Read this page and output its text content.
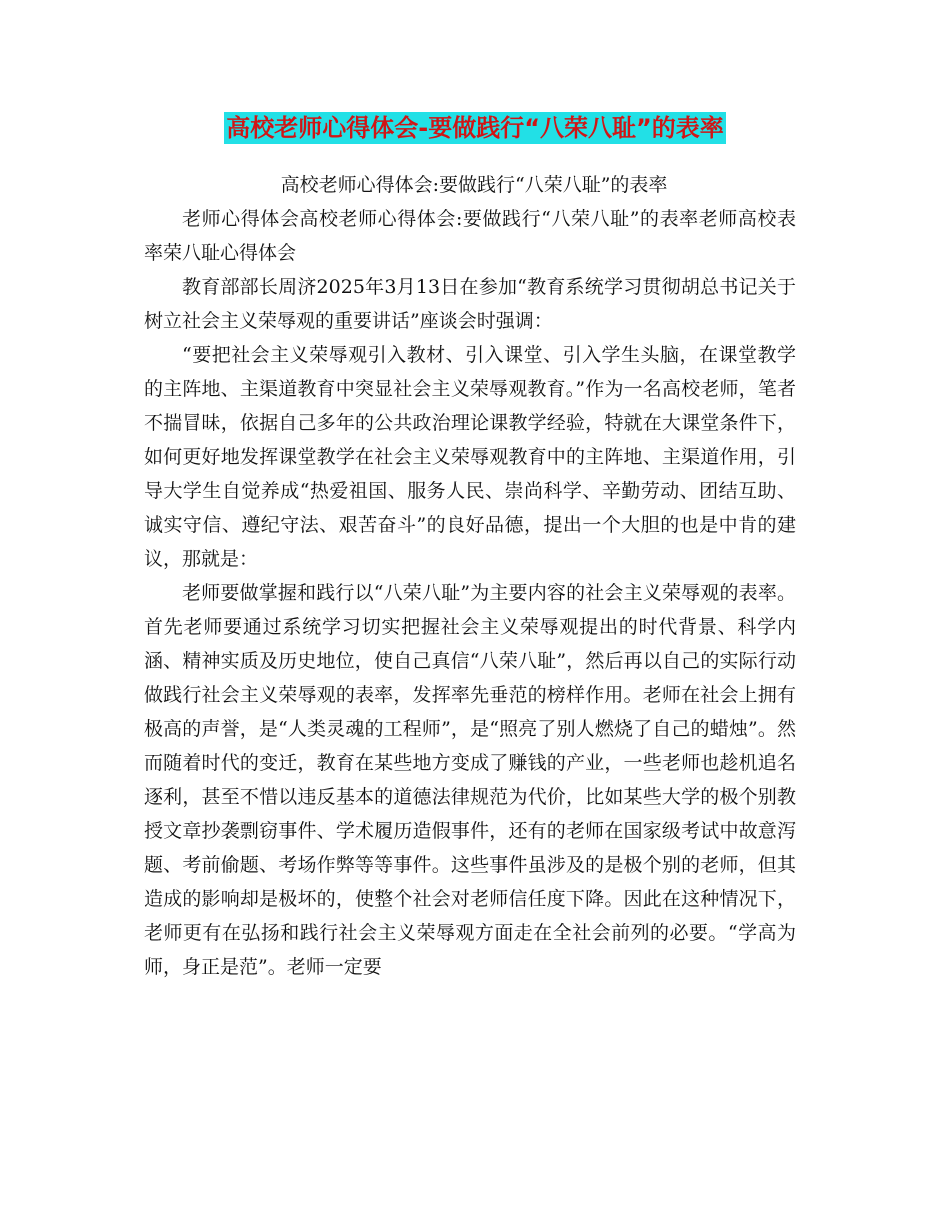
高校老师心得体会-要做践行“八荣八耻”的表率

高校老师心得体会:要做践行“八荣八耻”的表率

老师心得体会高校老师心得体会:要做践行“八荣八耻”的表率老师高校表率荣八耻心得体会

教育部部长周济2025年3月13日在参加“教育系统学习贯彻胡总书记关于树立社会主义荣辱观的重要讲话”座谈会时强调：

“要把社会主义荣辱观引入教材、引入课堂、引入学生头脑，在课堂教学的主阵地、主渠道教育中突显社会主义荣辱观教育。”作为一名高校老师，笔者不揣冒昧，依据自己多年的公共政治理论课教学经验，特就在大课堂条件下，如何更好地发挥课堂教学在社会主义荣辱观教育中的主阵地、主渠道作用，引导大学生自觉养成“热爱祖国、服务人民、崇尚科学、辛勤劳动、团结互助、诚实守信、遵纪守法、艰苦奋斗”的良好品德，提出一个大胆的也是中肯的建议，那就是：

老师要做掌握和践行以“八荣八耻”为主要内容的社会主义荣辱观的表率。首先老师要通过系统学习切实把握社会主义荣辱观提出的时代背景、科学内涵、精神实质及历史地位，使自己真信“八荣八耻”，然后再以自己的实际行动做践行社会主义荣辱观的表率，发挥率先垂范的榜样作用。老师在社会上拥有极高的声誉，是“人类灵魂的工程师”，是“照亮了别人燃烧了自己的蜡烛”。然而随着时代的变迁，教育在某些地方变成了赚钱的产业，一些老师也趁机追名逐利，甚至不惜以违反基本的道德法律规范为代价，比如某些大学的极个别教授文章抄袭剽窃事件、学术履历造假事件，还有的老师在国家级考试中故意泻题、考前偷题、考场作弊等等事件。这些事件虽涉及的是极个别的老师，但其造成的影响却是极坏的，使整个社会对老师信任度下降。因此在这种情况下，老师更有在弘扬和践行社会主义荣辱观方面走在全社会前列的必要。“学高为师，身正是范”。老师一定要
